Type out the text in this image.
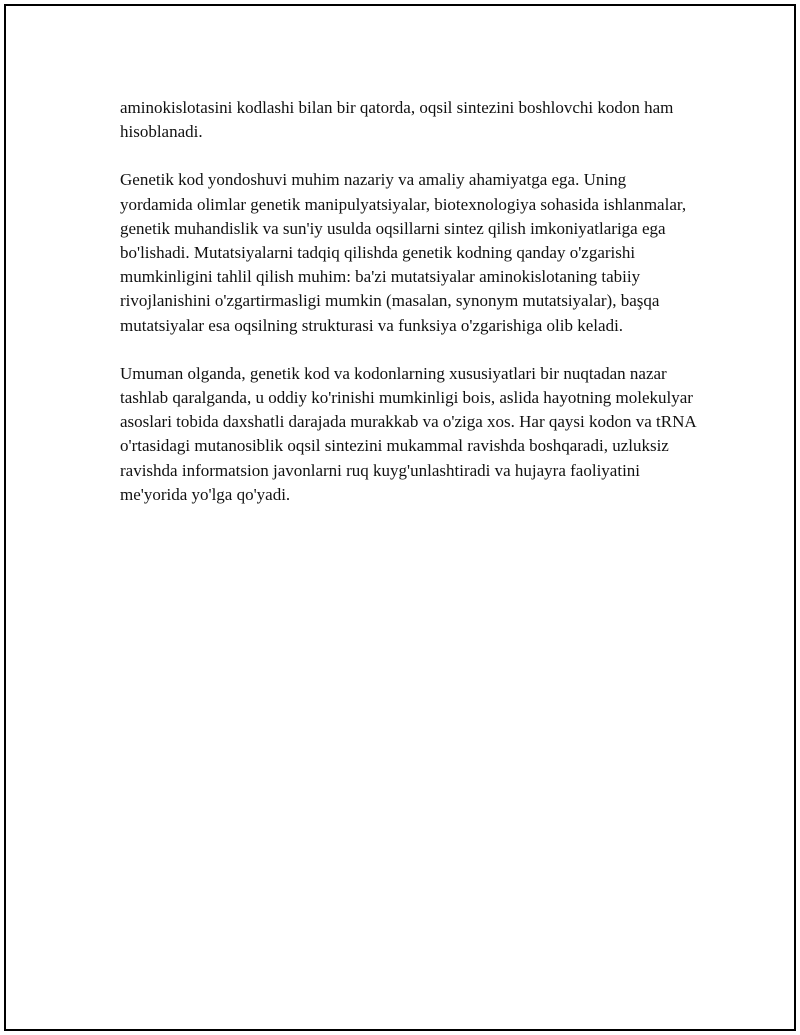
aminokislotasini kodlashi bilan bir qatorda, oqsil sintezini boshlovchi kodon ham hisoblanadi.

Genetik kod yondoshuvi muhim nazariy va amaliy ahamiyatga ega. Uning yordamida olimlar genetik manipulyatsiyalar, biotexnologiya sohasida ishlanmalar, genetik muhandislik va sun'iy usulda oqsillarni sintez qilish imkoniyatlariga ega bo'lishadi. Mutatsiyalarni tadqiq qilishda genetik kodning qanday o'zgarishi mumkinligini tahlil qilish muhim: ba'zi mutatsiyalar aminokislotaning tabiiy rivojlanishini o'zgartirmasligi mumkin (masalan, synonym mutatsiyalar), başqa mutatsiyalar esa oqsilning strukturasi va funksiya o'zgarishiga olib keladi.

Umuman olganda, genetik kod va kodonlarning xususiyatlari bir nuqtadan nazar tashlab qaralganda, u oddiy ko'rinishi mumkinligi bois, aslida hayotning molekulyar asoslari tobida daxshatli darajada murakkab va o'ziga xos. Har qaysi kodon va tRNA o'rtasidagi mutanosiblik oqsil sintezini mukammal ravishda boshqaradi, uzluksiz ravishda informatsion javonlarni ruq kuyg'unlashtiradi va hujayra faoliyatini me'yorida yo'lga qo'yadi.
